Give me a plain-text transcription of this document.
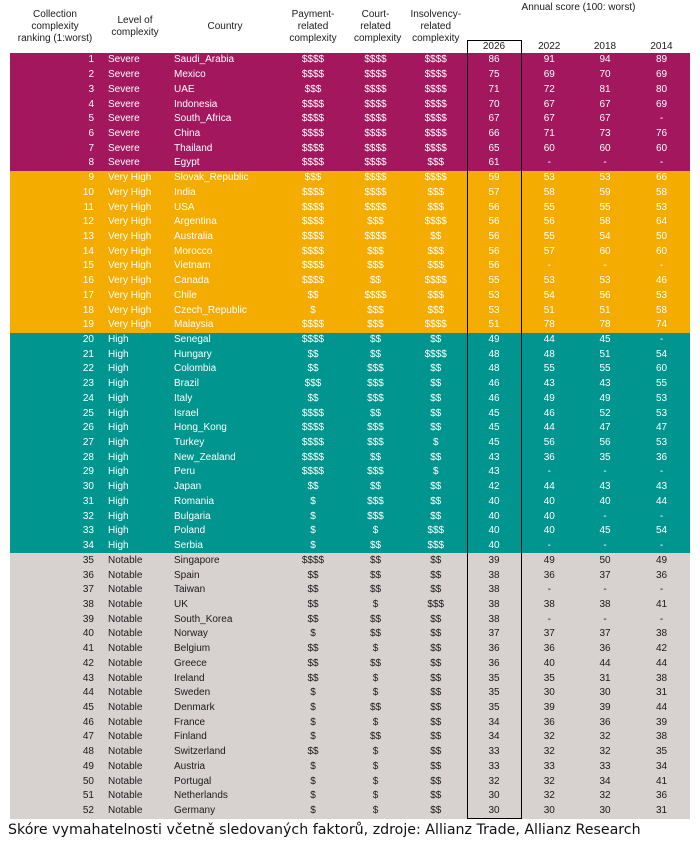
Collection complexity ranking (1:worst)	Level of complexity	Country	Payment-related complexity	Court-related complexity	Insolvency-related complexity	Annual score (100: worst)			
						2026	2022	2018	2014
1	Severe	Saudi_Arabia	$$$$	$$$$	$$$$	86	91	94	89
2	Severe	Mexico	$$$$	$$$$	$$$$	75	69	70	69
3	Severe	UAE	$$$	$$$$	$$$$	71	72	81	80
4	Severe	Indonesia	$$$$	$$$$	$$$$	70	67	67	69
5	Severe	South_Africa	$$$$	$$$$	$$$$	67	67	67	-
6	Severe	China	$$$$	$$$$	$$$$	66	71	73	76
7	Severe	Thailand	$$$$	$$$$	$$$$	65	60	60	60
8	Severe	Egypt	$$$$	$$$$	$$$	61	-	-	-
9	Very High	Slovak_Republic	$$$	$$$$	$$$$	59	53	53	66
10	Very High	India	$$$$	$$$$	$$$	57	58	59	58
11	Very High	USA	$$$$	$$$$	$$$	56	55	55	53
12	Very High	Argentina	$$$$	$$$	$$$$	56	56	58	64
13	Very High	Australia	$$$$	$$$$	$$	56	55	54	50
14	Very High	Morocco	$$$$	$$$	$$$	56	57	60	60
15	Very High	Vietnam	$$$$	$$$	$$$	56	-	-	-
16	Very High	Canada	$$$$	$$	$$$$	55	53	53	46
17	Very High	Chile	$$	$$$$	$$$	53	54	56	53
18	Very High	Czech_Republic	$	$$$	$$$	53	51	51	58
19	Very High	Malaysia	$$$$	$$$	$$$$	51	78	78	74
20	High	Senegal	$$$$	$$	$$	49	44	45	-
21	High	Hungary	$$	$$	$$$$	48	48	51	54
22	High	Colombia	$$	$$$	$$	48	55	55	60
23	High	Brazil	$$$	$$$	$$	46	43	43	55
24	High	Italy	$$	$$$	$$	46	49	49	53
25	High	Israel	$$$$	$$	$$	45	46	52	53
26	High	Hong_Kong	$$$$	$$$	$$	45	44	47	47
27	High	Turkey	$$$$	$$$	$	45	56	56	53
28	High	New_Zealand	$$$$	$$	$$	43	36	35	36
29	High	Peru	$$$$	$$$	$	43	-	-	-
30	High	Japan	$$	$$	$$	42	44	43	43
31	High	Romania	$	$$$	$$	40	40	40	44
32	High	Bulgaria	$	$$$	$$	40	40	-	-
33	High	Poland	$	$	$$$	40	40	45	54
34	High	Serbia	$	$$	$$$	40	-	-	-
35	Notable	Singapore	$$$$	$$	$$	39	49	50	49
36	Notable	Spain	$$	$$	$$	38	36	37	36
37	Notable	Taiwan	$$	$$	$$	38	-	-	-
38	Notable	UK	$$	$	$$$	38	38	38	41
39	Notable	South_Korea	$$	$$	$$	38	-	-	-
40	Notable	Norway	$	$$	$$	37	37	37	38
41	Notable	Belgium	$$	$	$$	36	36	36	42
42	Notable	Greece	$$	$$	$$	36	40	44	44
43	Notable	Ireland	$$	$	$$	35	35	31	38
44	Notable	Sweden	$	$	$$	35	30	30	31
45	Notable	Denmark	$	$$	$$	35	39	39	44
46	Notable	France	$	$	$$	34	36	36	39
47	Notable	Finland	$	$$	$$	34	32	32	38
48	Notable	Switzerland	$$	$	$$	33	32	32	35
49	Notable	Austria	$	$	$$	33	33	33	34
50	Notable	Portugal	$	$	$$	32	32	34	41
51	Notable	Netherlands	$	$	$$	30	32	32	36
52	Notable	Germany	$	$	$$	30	30	30	31
Skóre vymahatelnosti včetně sledovaných faktorů, zdroje: Allianz Trade, Allianz Research
